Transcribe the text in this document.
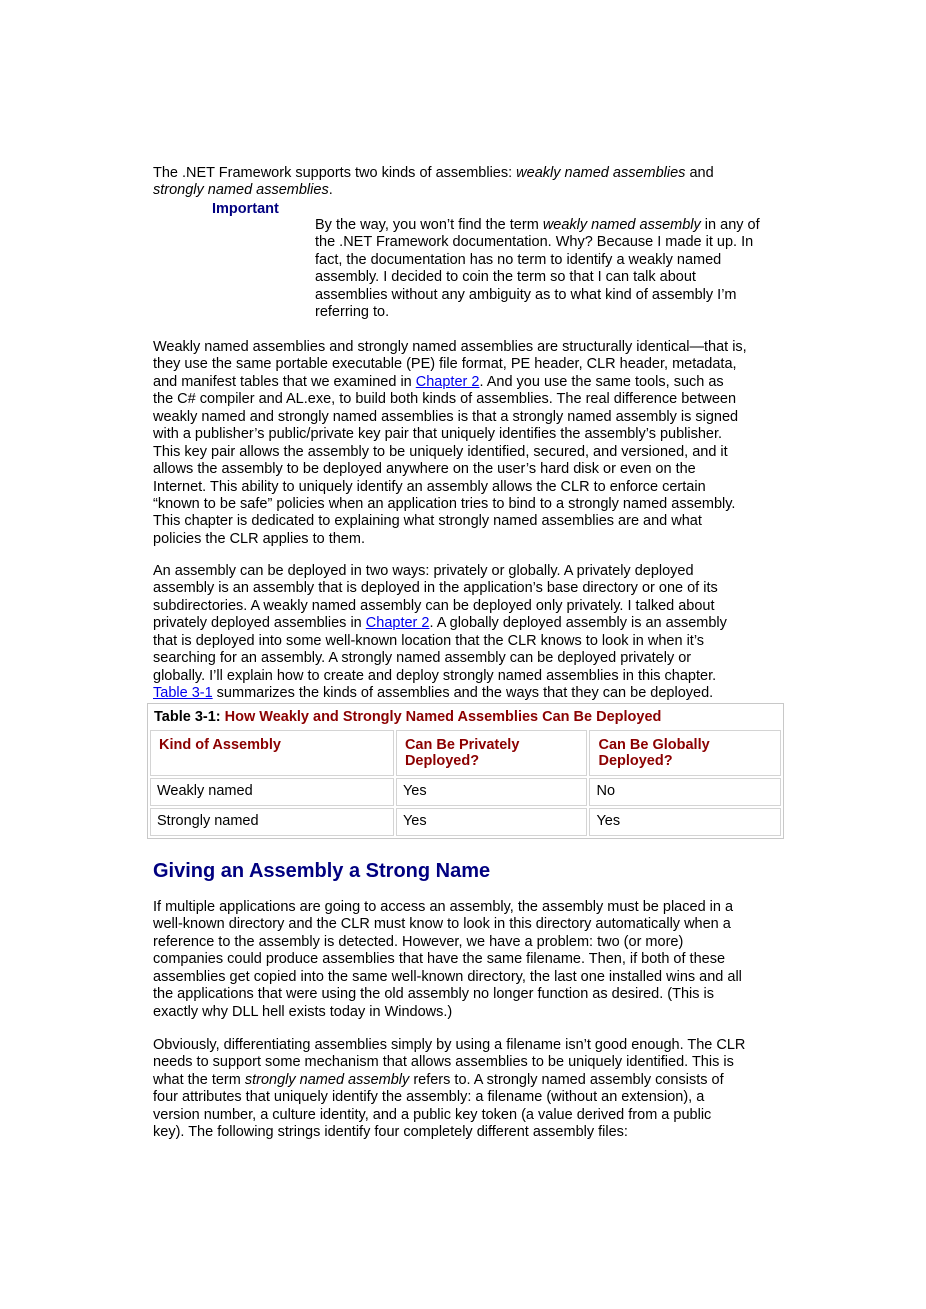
The .NET Framework supports two kinds of assemblies: weakly named assemblies and
strongly named assemblies.
Important
By the way, you won’t find the term weakly named assembly in any of
the .NET Framework documentation. Why? Because I made it up. In
fact, the documentation has no term to identify a weakly named
assembly. I decided to coin the term so that I can talk about
assemblies without any ambiguity as to what kind of assembly I’m
referring to.
Weakly named assemblies and strongly named assemblies are structurally identical—that is,
they use the same portable executable (PE) file format, PE header, CLR header, metadata,
and manifest tables that we examined in Chapter 2. And you use the same tools, such as
the C# compiler and AL.exe, to build both kinds of assemblies. The real difference between
weakly named and strongly named assemblies is that a strongly named assembly is signed
with a publisher’s public/private key pair that uniquely identifies the assembly’s publisher.
This key pair allows the assembly to be uniquely identified, secured, and versioned, and it
allows the assembly to be deployed anywhere on the user’s hard disk or even on the
Internet. This ability to uniquely identify an assembly allows the CLR to enforce certain
“known to be safe” policies when an application tries to bind to a strongly named assembly.
This chapter is dedicated to explaining what strongly named assemblies are and what
policies the CLR applies to them.
An assembly can be deployed in two ways: privately or globally. A privately deployed
assembly is an assembly that is deployed in the application’s base directory or one of its
subdirectories. A weakly named assembly can be deployed only privately. I talked about
privately deployed assemblies in Chapter 2. A globally deployed assembly is an assembly
that is deployed into some well-known location that the CLR knows to look in when it’s
searching for an assembly. A strongly named assembly can be deployed privately or
globally. I’ll explain how to create and deploy strongly named assemblies in this chapter.
Table 3-1 summarizes the kinds of assemblies and the ways that they can be deployed.
Table 3-1: How Weakly and Strongly Named Assemblies Can Be Deployed		
Kind of Assembly	Can Be Privately Deployed?	Can Be Globally Deployed?
Weakly named	Yes	No
Strongly named	Yes	Yes
Giving an Assembly a Strong Name
If multiple applications are going to access an assembly, the assembly must be placed in a
well-known directory and the CLR must know to look in this directory automatically when a
reference to the assembly is detected. However, we have a problem: two (or more)
companies could produce assemblies that have the same filename. Then, if both of these
assemblies get copied into the same well-known directory, the last one installed wins and all
the applications that were using the old assembly no longer function as desired. (This is
exactly why DLL hell exists today in Windows.)
Obviously, differentiating assemblies simply by using a filename isn’t good enough. The CLR
needs to support some mechanism that allows assemblies to be uniquely identified. This is
what the term strongly named assembly refers to. A strongly named assembly consists of
four attributes that uniquely identify the assembly: a filename (without an extension), a
version number, a culture identity, and a public key token (a value derived from a public
key). The following strings identify four completely different assembly files:
